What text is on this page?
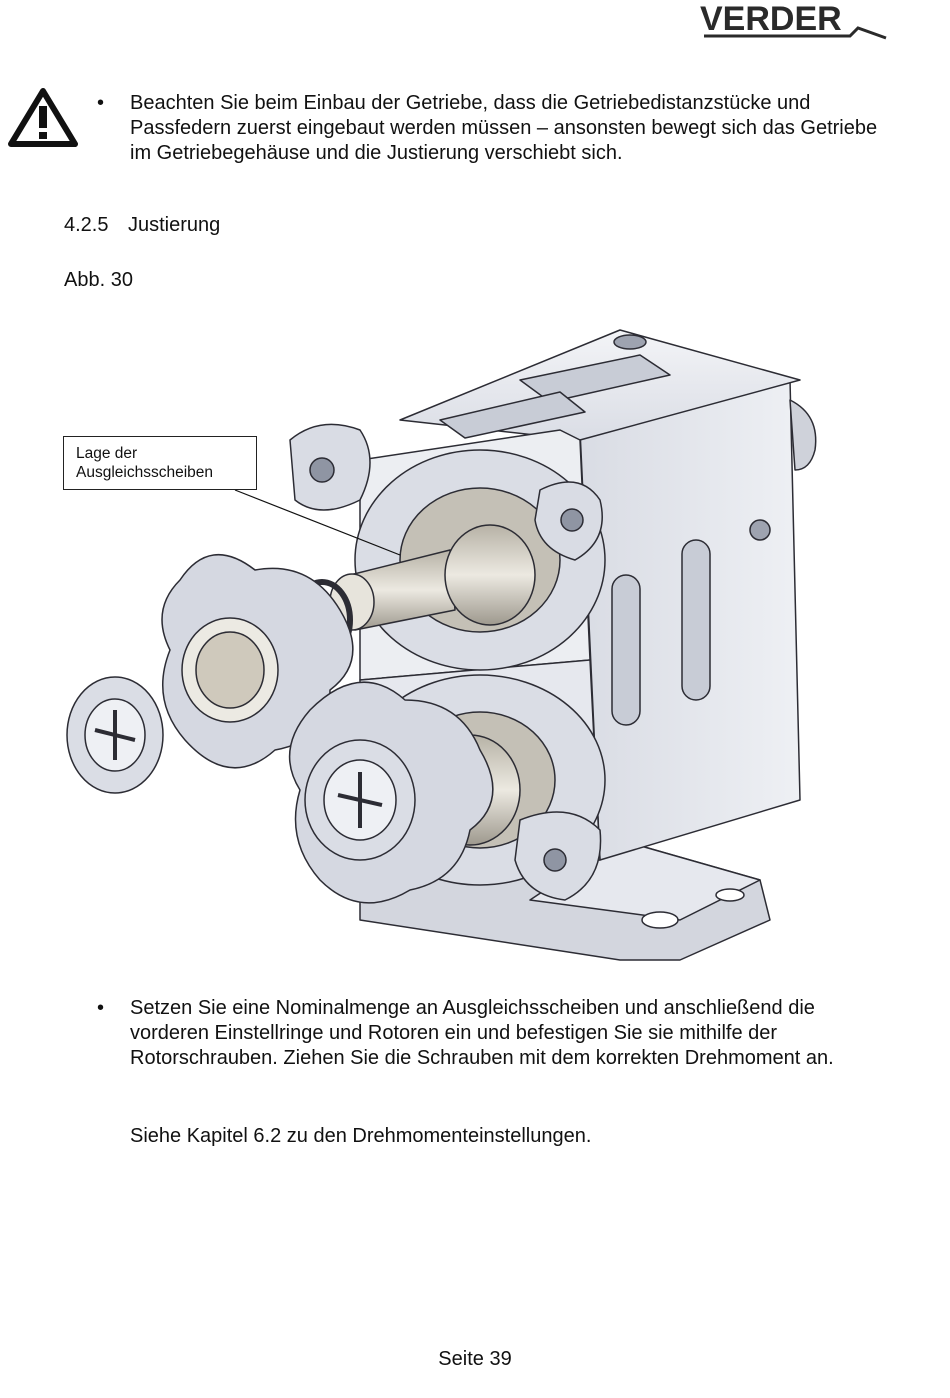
VERDER
• Beachten Sie beim Einbau der Getriebe, dass die Getriebedistanzstücke und Passfedern zuerst eingebaut werden müssen – ansonsten bewegt sich das Getriebe im Getriebegehäuse und die Justierung verschiebt sich.
4.2.5 Justierung
Abb. 30
Lage der
Ausgleichsscheiben
• Setzen Sie eine Nominalmenge an Ausgleichsscheiben und anschließend die vorderen Einstellringe und Rotoren ein und befestigen Sie sie mithilfe der Rotorschrauben. Ziehen Sie die Schrauben mit dem korrekten Drehmoment an.
Siehe Kapitel 6.2 zu den Drehmomenteinstellungen.
Seite 39
